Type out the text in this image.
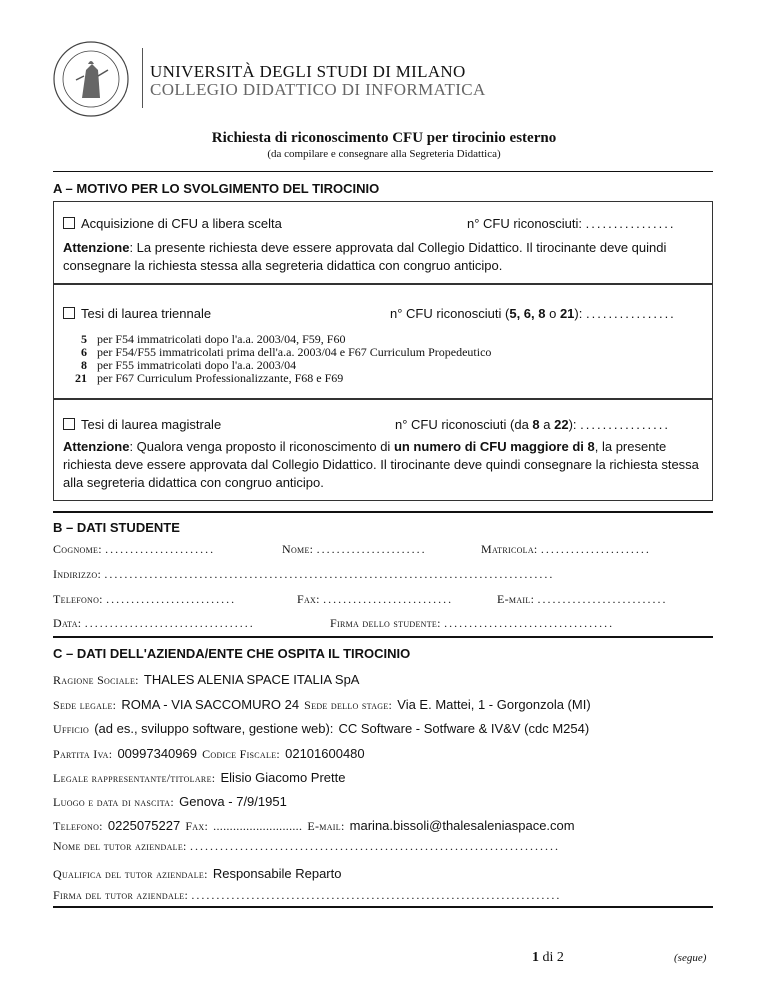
UNIVERSITÀ DEGLI STUDI DI MILANO
COLLEGIO DIDATTICO DI INFORMATICA
Richiesta di riconoscimento CFU per tirocinio esterno
(da compilare e consegnare alla Segreteria Didattica)
A – MOTIVO PER LO SVOLGIMENTO DEL TIROCINIO
Acquisizione di CFU a libera scelta	n° CFU riconosciuti: ................
Attenzione: La presente richiesta deve essere approvata dal Collegio Didattico. Il tirocinante deve quindi consegnare la richiesta stessa alla segreteria didattica con congruo anticipo.
Tesi di laurea triennale	n° CFU riconosciuti (5, 6, 8 o 21): ................
5 per F54 immatricolati dopo l'a.a. 2003/04, F59, F60
6 per F54/F55 immatricolati prima dell'a.a. 2003/04 e F67 Curriculum Propedeutico
8 per F55 immatricolati dopo l'a.a. 2003/04
21 per F67 Curriculum Professionalizzante, F68 e F69
Tesi di laurea magistrale	n° CFU riconosciuti (da 8 a 22): ................
Attenzione: Qualora venga proposto il riconoscimento di un numero di CFU maggiore di 8, la presente richiesta deve essere approvata dal Collegio Didattico. Il tirocinante deve quindi consegnare la richiesta stessa alla segreteria didattica con congruo anticipo.
B – DATI STUDENTE
Cognome: ......................	Nome: ......................	Matricola: ......................
Indirizzo: ..........................................................................................
Telefono: ..........................	Fax: ..........................	E-mail: ..........................
Data: ..................................	Firma dello studente: ..................................
C – DATI DELL'AZIENDA/ENTE CHE OSPITA IL TIROCINIO
Ragione Sociale: THALES ALENIA SPACE ITALIA SpA
Sede legale: ROMA - VIA SACCOMURO 24 Sede dello stage: Via E. Mattei, 1 - Gorgonzola (MI)
Ufficio (ad es., sviluppo software, gestione web): CC Software - Sotfware & IV&V (cdc M254)
Partita Iva: 00997340969 Codice Fiscale: 02101600480
Legale rappresentante/titolare: Elisio Giacomo Prette
Luogo e data di nascita: Genova - 7/9/1951
Telefono: 0225075227 Fax: ........................... E-mail: marina.bissoli@thalesaleniaspace.com
Nome del tutor aziendale: ..........................................................................
Qualifica del tutor aziendale: Responsabile Reparto
Firma del tutor aziendale: ..........................................................................
1 di 2	(segue)
